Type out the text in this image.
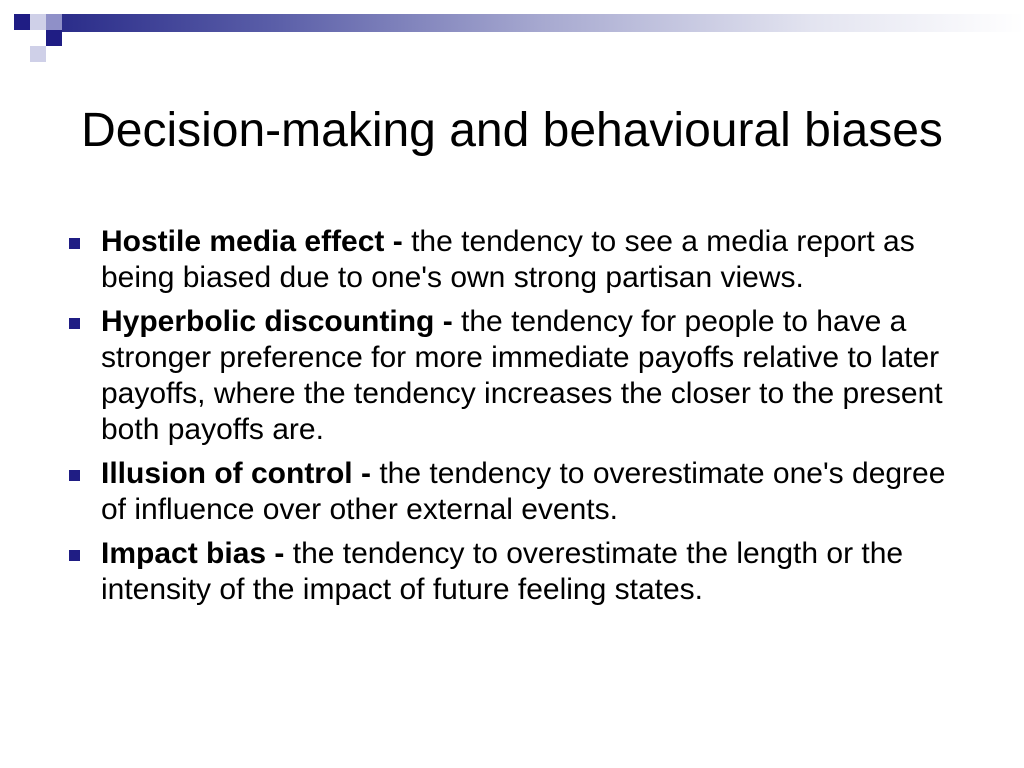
Decision-making and behavioural biases
Hostile media effect - the tendency to see a media report as being biased due to one's own strong partisan views.
Hyperbolic discounting - the tendency for people to have a stronger preference for more immediate payoffs relative to later payoffs, where the tendency increases the closer to the present both payoffs are.
Illusion of control - the tendency to overestimate one's degree of influence over other external events.
Impact bias - the tendency to overestimate the length or the intensity of the impact of future feeling states.
